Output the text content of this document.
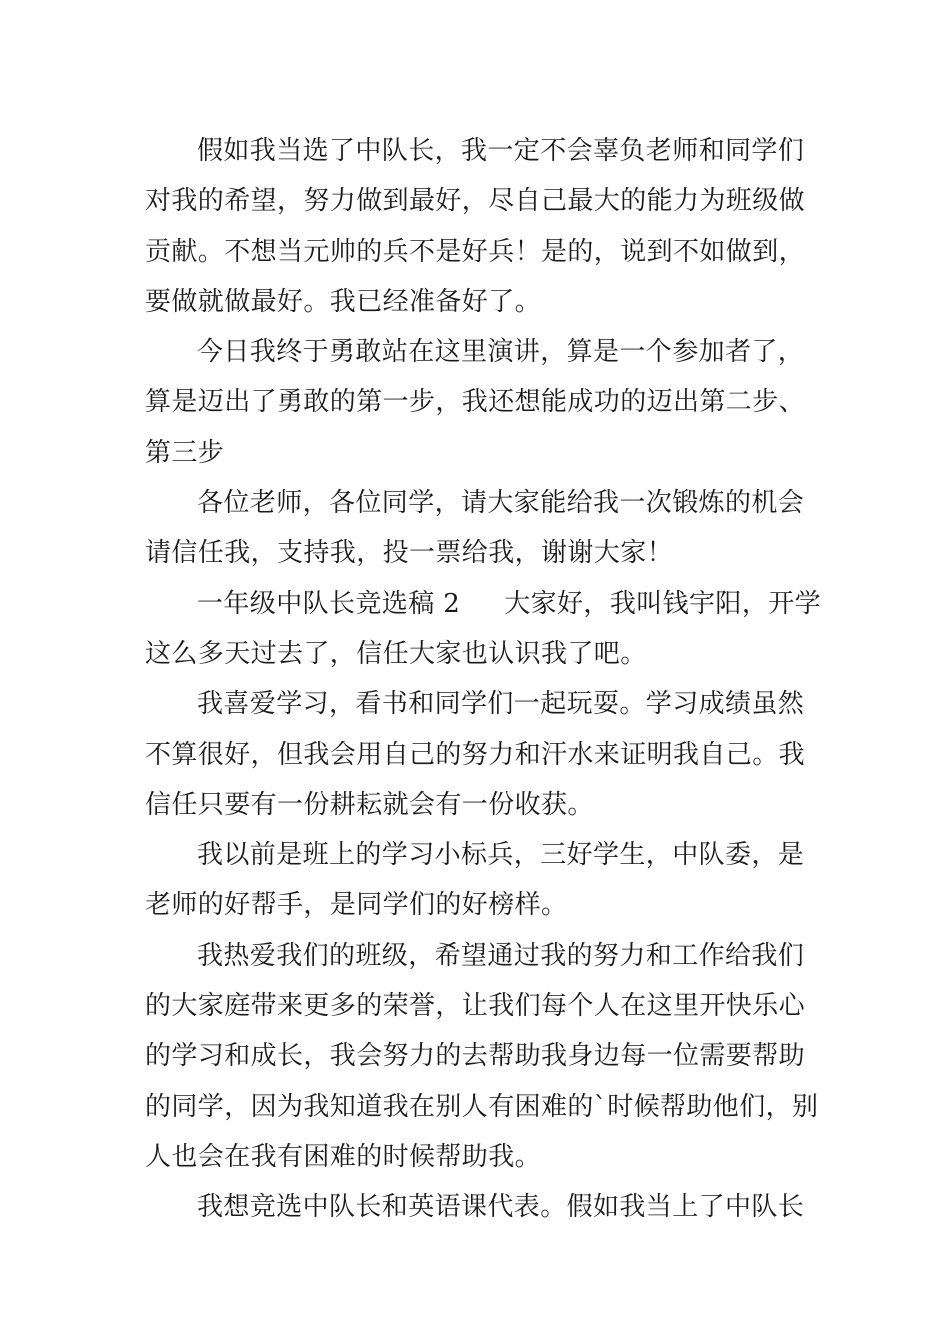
假如我当选了中队长，我一定不会辜负老师和同学们
对我的希望，努力做到最好，尽自己最大的能力为班级做
贡献。不想当元帅的兵不是好兵！是的，说到不如做到，
要做就做最好。我已经准备好了。
今日我终于勇敢站在这里演讲，算是一个参加者了，
算是迈出了勇敢的第一步，我还想能成功的迈出第二步、
第三步
各位老师，各位同学，请大家能给我一次锻炼的机会
请信任我，支持我，投一票给我，谢谢大家！
一年级中队长竞选稿 2 大家好，我叫钱宇阳，开学
这么多天过去了，信任大家也认识我了吧。
我喜爱学习，看书和同学们一起玩耍。学习成绩虽然
不算很好，但我会用自己的努力和汗水来证明我自己。我
信任只要有一份耕耘就会有一份收获。
我以前是班上的学习小标兵，三好学生，中队委，是
老师的好帮手，是同学们的好榜样。
我热爱我们的班级，希望通过我的努力和工作给我们
的大家庭带来更多的荣誉，让我们每个人在这里开快乐心
的学习和成长，我会努力的去帮助我身边每一位需要帮助
的同学，因为我知道我在别人有困难的`时候帮助他们，别
人也会在我有困难的时候帮助我。
我想竞选中队长和英语课代表。假如我当上了中队长
